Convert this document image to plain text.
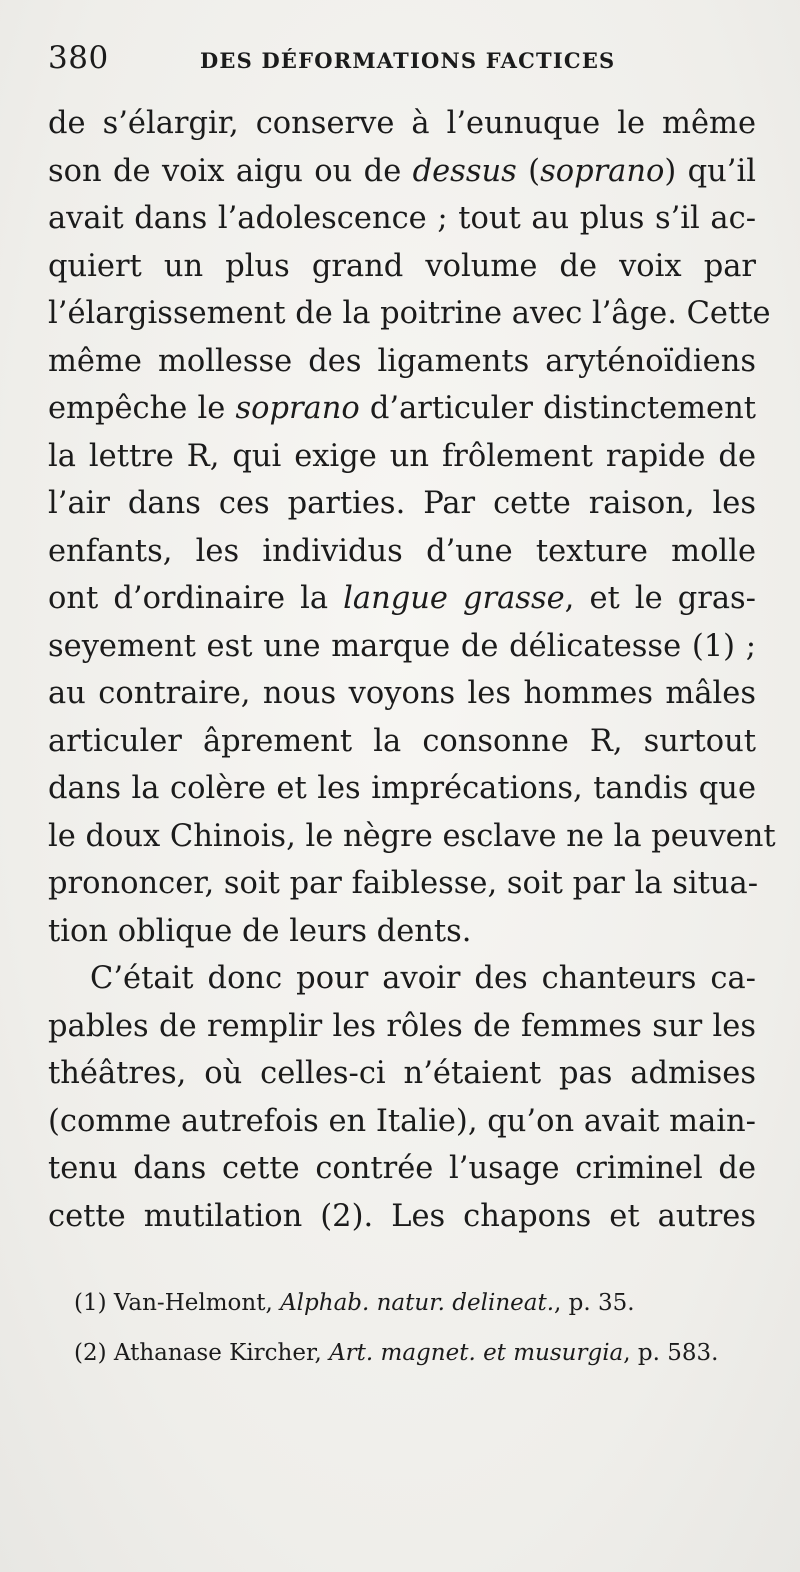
380	DES DÉFORMATIONS FACTICES
de s’élargir, conserve à l’eunuque le même
son de voix aigu ou de dessus (soprano) qu’il
avait dans l’adolescence ; tout au plus s’il ac-
quiert un plus grand volume de voix par
l’élargissement de la poitrine avec l’âge. Cette
même mollesse des ligaments aryténoïdiens
empêche le soprano d’articuler distinctement
la lettre R, qui exige un frôlement rapide de
l’air dans ces parties. Par cette raison, les
enfants, les individus d’une texture molle
ont d’ordinaire la langue grasse, et le gras-
seyement est une marque de délicatesse (1) ;
au contraire, nous voyons les hommes mâles
articuler âprement la consonne R, surtout
dans la colère et les imprécations, tandis que
le doux Chinois, le nègre esclave ne la peuvent
prononcer, soit par faiblesse, soit par la situa-
tion oblique de leurs dents.
C’était donc pour avoir des chanteurs ca-
pables de remplir les rôles de femmes sur les
théâtres, où celles-ci n’étaient pas admises
(comme autrefois en Italie), qu’on avait main-
tenu dans cette contrée l’usage criminel de
cette mutilation (2). Les chapons et autres
(1) Van-Helmont, Alphab. natur. delineat., p. 35.
(2) Athanase Kircher, Art. magnet. et musurgia, p. 583.
